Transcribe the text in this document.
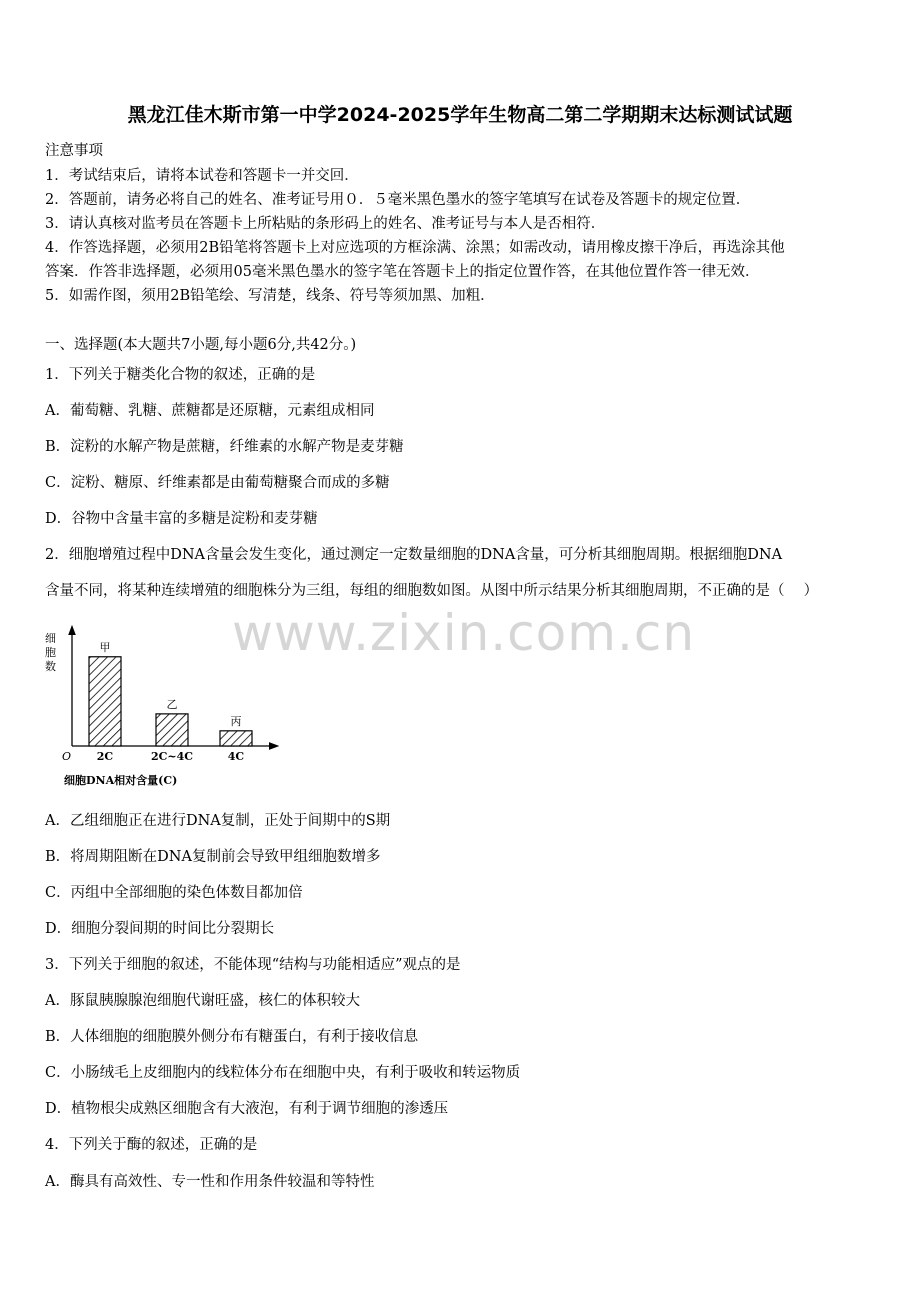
黑龙江佳木斯市第一中学2024-2025学年生物高二第二学期期末达标测试试题
注意事项
1．考试结束后，请将本试卷和答题卡一并交回．
2．答题前，请务必将自己的姓名、准考证号用０．５毫米黑色墨水的签字笔填写在试卷及答题卡的规定位置．
3．请认真核对监考员在答题卡上所粘贴的条形码上的姓名、准考证号与本人是否相符．
4．作答选择题，必须用2B铅笔将答题卡上对应选项的方框涂满、涂黑；如需改动，请用橡皮擦干净后，再选涂其他
答案．作答非选择题，必须用05毫米黑色墨水的签字笔在答题卡上的指定位置作答，在其他位置作答一律无效．
5．如需作图，须用2B铅笔绘、写清楚，线条、符号等须加黑、加粗．
一、选择题(本大题共7小题,每小题6分,共42分。)
1．下列关于糖类化合物的叙述，正确的是
A．葡萄糖、乳糖、蔗糖都是还原糖，元素组成相同
B．淀粉的水解产物是蔗糖，纤维素的水解产物是麦芽糖
C．淀粉、糖原、纤维素都是由葡萄糖聚合而成的多糖
D．谷物中含量丰富的多糖是淀粉和麦芽糖
2．细胞增殖过程中DNA含量会发生变化，通过测定一定数量细胞的DNA含量，可分析其细胞周期。根据细胞DNA
含量不同，将某种连续增殖的细胞株分为三组，每组的细胞数如图。从图中所示结果分析其细胞周期，不正确的是（　 ）
www.zixin.com.cn
细
胞
数
O
甲
2C
乙
2C~4C
丙
4C
细胞DNA相对含量(C)
A．乙组细胞正在进行DNA复制，正处于间期中的S期
B．将周期阻断在DNA复制前会导致甲组细胞数增多
C．丙组中全部细胞的染色体数目都加倍
D．细胞分裂间期的时间比分裂期长
3．下列关于细胞的叙述，不能体现“结构与功能相适应”观点的是
A．豚鼠胰腺腺泡细胞代谢旺盛，核仁的体积较大
B．人体细胞的细胞膜外侧分布有糖蛋白，有利于接收信息
C．小肠绒毛上皮细胞内的线粒体分布在细胞中央，有利于吸收和转运物质
D．植物根尖成熟区细胞含有大液泡，有利于调节细胞的渗透压
4．下列关于酶的叙述，正确的是
A．酶具有高效性、专一性和作用条件较温和等特性
